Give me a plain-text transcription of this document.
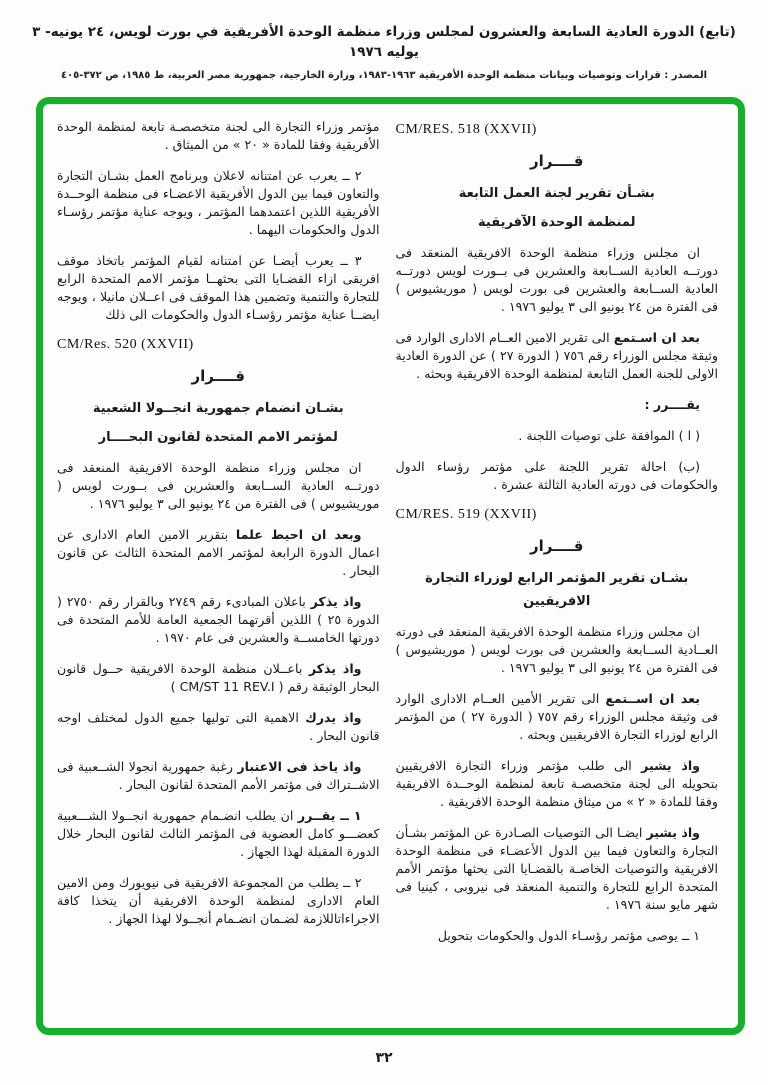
(تابع) الدورة العادية السابعة والعشرون لمجلس وزراء منظمة الوحدة الأفريقية في بورت لويس، ٢٤ يونيه- ٣ يوليه ١٩٧٦
المصدر : قرارات وتوصيات وبيانات منظمة الوحدة الأفريقية ١٩٦٣-١٩٨٣، وزارة الخارجية، جمهورية مصر العربية، ط ١٩٨٥، ص ٣٧٢-٤٠٥
CM/RES. 518 (XXVII)
قــــرار
بشـأن تقرير لجنة العمل التابعة
لمنظمة الوحدة الآفريقية
ان مجلس وزراء منظمة الوحدة الافريقية المنعقد فى دورتــه العادية الســابعة والعشرين فى بــورت لويس دورتــه العادية الســابعة والعشرين فى بورت لويس ( موريشيوس ) فى الفترة من ٢٤ يونيو الى ٣ يوليو ١٩٧٦ .
بعد ان اسـتمع الى تقرير الامين العــام الادارى الوارد فى وثيقة مجلس الوزراء رقم ٧٥٦ ( الدورة ٢٧ ) عن الدورة العادية الاولى للجنة العمل التابعة لمنظمة الوحدة الافريقية وبحثه .
يقــــرر :
( ا ) الموافقة على توصيات اللجنة .
(ب) احالة تقرير اللجنة على مؤتمر رؤساء الدول والحكومات فى دورته العادية الثالثة عشرة .
CM/RES. 519 (XXVII)
قــــرار
بشـان تقرير المؤتمر الرابع لوزراء التجارة الافريقيين
ان مجلس وزراء منظمة الوحدة الافريقية المنعقد فى دورته العــادية الســابعة والعشرين فى بورت لويس ( موريشيوس ) فى الفترة من ٢٤ يونيو الى ٣ يوليو ١٩٧٦ .
بعد ان اســتمع الى تقرير الأمين العــام الادارى الوارد فى وثيقة مجلس الوزراء رقم ٧٥٧ ( الدورة ٢٧ ) من المؤتمر الرابع لوزراء التجارة الافريقيين وبحثه .
واذ يشير الى طلب مؤتمر وزراء التجارة الافريقيين بتحويله الى لجنة متخصصـة تابعة لمنظمة الوحــدة الافريقية وفقا للمادة « ٢ » من ميثاق منظمة الوحدة الافريقية .
واذ يشير ايضـا الى التوصيات الصـادرة عن المؤتمر بشـأن التجارة والتعاون فيما بين الدول الأعضـاء فى منظمة الوحدة الافريقية والتوصيات الخاصـة بالقضـايا التى بحثها مؤتمر الأمم المتحدة الرابع للتجارة والتنمية المنعقد فى نيروبى ، كينيا فى شهر مايو سنة ١٩٧٦ .
١ ــ يوصى مؤتمر رؤسـاء الدول والحكومات بتحويل
مؤتمر وزراء التجارة الى لجنة متخصصـة تابعة لمنظمة الوحدة الأفريقية وفقا للمادة « ٢٠ » من الميثاق .
٢ ــ يعرب عن امتنانه لاعلان وبرنامج العمل بشـان التجارة والتعاون فيما بين الدول الأفريقية الاعضـاء فى منظمة الوحــدة الأفريقية اللذين اعتمدهما المؤتمر ، ويوجه عناية مؤتمر رؤسـاء الدول والحكومات اليهما .
٣ ــ يعرب أيضـا عن امتنانه لقيام المؤتمر باتخاذ موقف افريقى ازاء القضـايا التى بحثهــا مؤتمر الامم المتحدة الرابع للتجارة والتنمية وتضمين هذا الموقف فى اعــلان مانيلا ، ويوجه ايضــا عناية مؤتمر رؤسـاء الدول والحكومات الى ذلك
CM/Res. 520 (XXVII)
قــــرار
بشـان انضمام جمهورية انجــولا الشعبية
لمؤتمر الامم المتحدة لقانون البحــــار
ان مجلس وزراء منظمة الوحدة الافريقية المنعقد فى دورتــه العادية الســابعة والعشرين فى بــورت لويس ( موريشيوس ) فى الفترة من ٢٤ يونيو الى ٣ يوليو ١٩٧٦ .
وبعد ان احيط علما بتقرير الامين العام الادارى عن اعمال الدورة الرابعة لمؤتمر الامم المتحدة الثالث عن قانون البحار .
واذ يذكر باعلان المبادىء رقم ٢٧٤٩ وبالقرار رقم ٢٧٥٠ ( الدورة ٢٥ ) اللذين أقرتهما الجمعية العامة للأمم المتحدة فى دورتها الخامســة والعشرين فى عام ١٩٧٠ .
واذ يذكر باعــلان منظمة الوحدة الافريقية حــول قانون البحار الوثيقة رقم ( CM/ST 11 REV.I )
واذ يدرك الاهمية التى توليها جميع الدول لمختلف اوجه قانون البحار .
واذ ياخذ فى الاعتبار رغبة جمهورية انجولا الشــعبية فى الاشــتراك فى مؤتمر الأمم المتحدة لقانون البحار .
١ ــ يقــرر ان يطلب انضـمام جمهورية انجــولا الشـــعبية كعضـــو كامل العضوية فى المؤتمر الثالث لقانون البحار خلال الدورة المقبلة لهذا الجهاز .
٢ ــ يطلب من المجموعة الافريقية فى نيويورك ومن الامين العام الادارى لمنظمة الوحدة الافريقية أن يتخذا كافة الاجراءاتاللازمة لضـمان انضـمام أنجــولا لهذا الجهاز .
٣٢
